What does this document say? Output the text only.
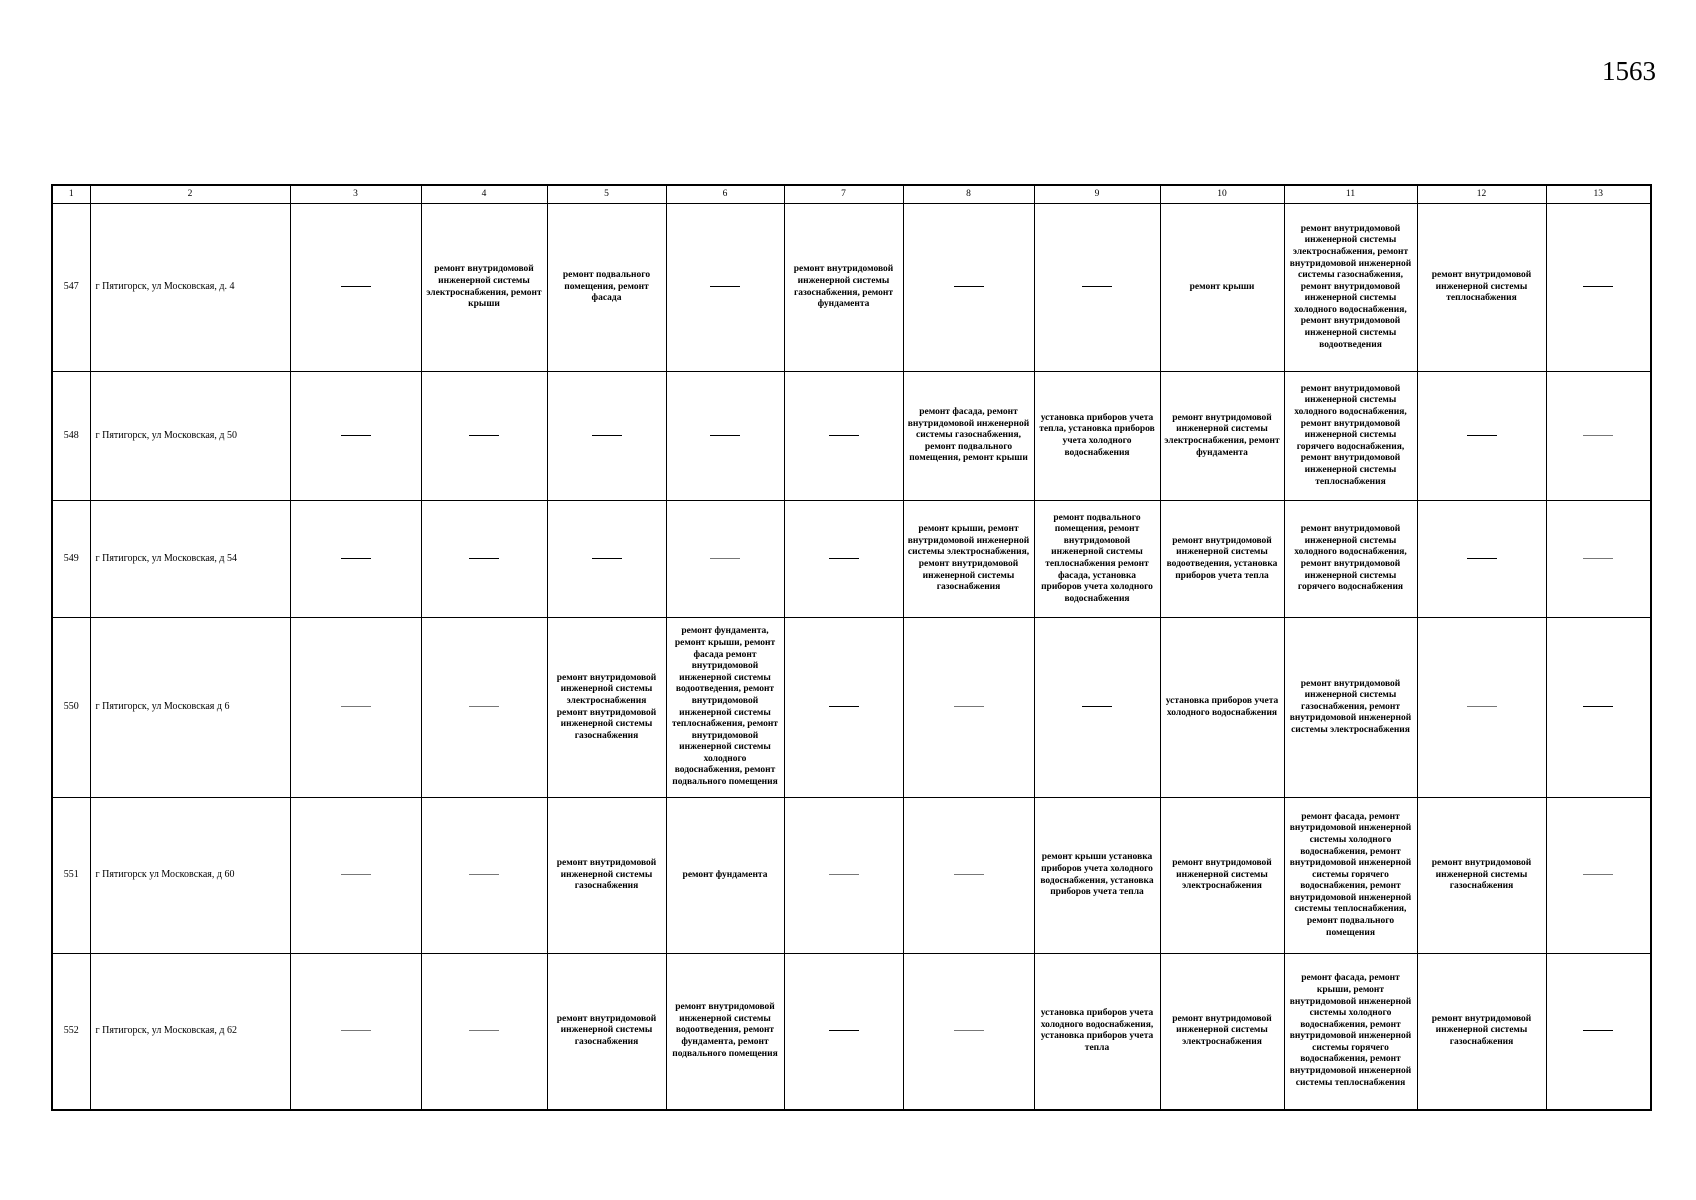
1563
1	2	3	4	5	6	7	8	9	10	11	12	13
547	г Пятигорск, ул Московская, д. 4		ремонт внутридомовой инженерной системы электроснабжения, ремонт крыши	ремонт подвального помещения, ремонт фасада		ремонт внутридомовой инженерной системы газоснабжения, ремонт фундамента			ремонт крыши	ремонт внутридомовой инженерной системы электроснабжения, ремонт внутридомовой инженерной системы газоснабжения, ремонт внутридомовой инженерной системы холодного водоснабжения, ремонт внутридомовой инженерной системы водоотведения	ремонт внутридомовой инженерной системы теплоснабжения	
548	г Пятигорск, ул Московская, д 50						ремонт фасада, ремонт внутридомовой инженерной системы газоснабжения, ремонт подвального помещения, ремонт крыши	установка приборов учета тепла, установка приборов учета холодного водоснабжения	ремонт внутридомовой инженерной системы электроснабжения, ремонт фундамента	ремонт внутридомовой инженерной системы холодного водоснабжения, ремонт внутридомовой инженерной системы горячего водоснабжения, ремонт внутридомовой инженерной системы теплоснабжения		
549	г Пятигорск, ул Московская, д 54						ремонт крыши, ремонт внутридомовой инженерной системы электроснабжения, ремонт внутридомовой инженерной системы газоснабжения	ремонт подвального помещения, ремонт внутридомовой инженерной системы теплоснабжения ремонт фасада, установка приборов учета холодного водоснабжения	ремонт внутридомовой инженерной системы водоотведения, установка приборов учета тепла	ремонт внутридомовой инженерной системы холодного водоснабжения, ремонт внутридомовой инженерной системы горячего водоснабжения		
550	г Пятигорск, ул Московская д 6			ремонт внутридомовой инженерной системы электроснабжения ремонт внутридомовой инженерной системы газоснабжения	ремонт фундамента, ремонт крыши, ремонт фасада ремонт внутридомовой инженерной системы водоотведения, ремонт внутридомовой инженерной системы теплоснабжения, ремонт внутридомовой инженерной системы холодного водоснабжения, ремонт подвального помещения				установка приборов учета холодного водоснабжения	ремонт внутридомовой инженерной системы газоснабжения, ремонт внутридомовой инженерной системы электроснабжения		
551	г Пятигорск ул Московская, д 60			ремонт внутридомовой инженерной системы газоснабжения	ремонт фундамента			ремонт крыши установка приборов учета холодного водоснабжения, установка приборов учета тепла	ремонт внутридомовой инженерной системы электроснабжения	ремонт фасада, ремонт внутридомовой инженерной системы холодного водоснабжения, ремонт внутридомовой инженерной системы горячего водоснабжения, ремонт внутридомовой инженерной системы теплоснабжения, ремонт подвального помещения	ремонт внутридомовой инженерной системы газоснабжения	
552	г Пятигорск, ул Московская, д 62			ремонт внутридомовой инженерной системы газоснабжения	ремонт внутридомовой инженерной системы водоотведения, ремонт фундамента, ремонт подвального помещения			установка приборов учета холодного водоснабжения, установка приборов учета тепла	ремонт внутридомовой инженерной системы электроснабжения	ремонт фасада, ремонт крыши, ремонт внутридомовой инженерной системы холодного водоснабжения, ремонт внутридомовой инженерной системы горячего водоснабжения, ремонт внутридомовой инженерной системы теплоснабжения	ремонт внутридомовой инженерной системы газоснабжения	
